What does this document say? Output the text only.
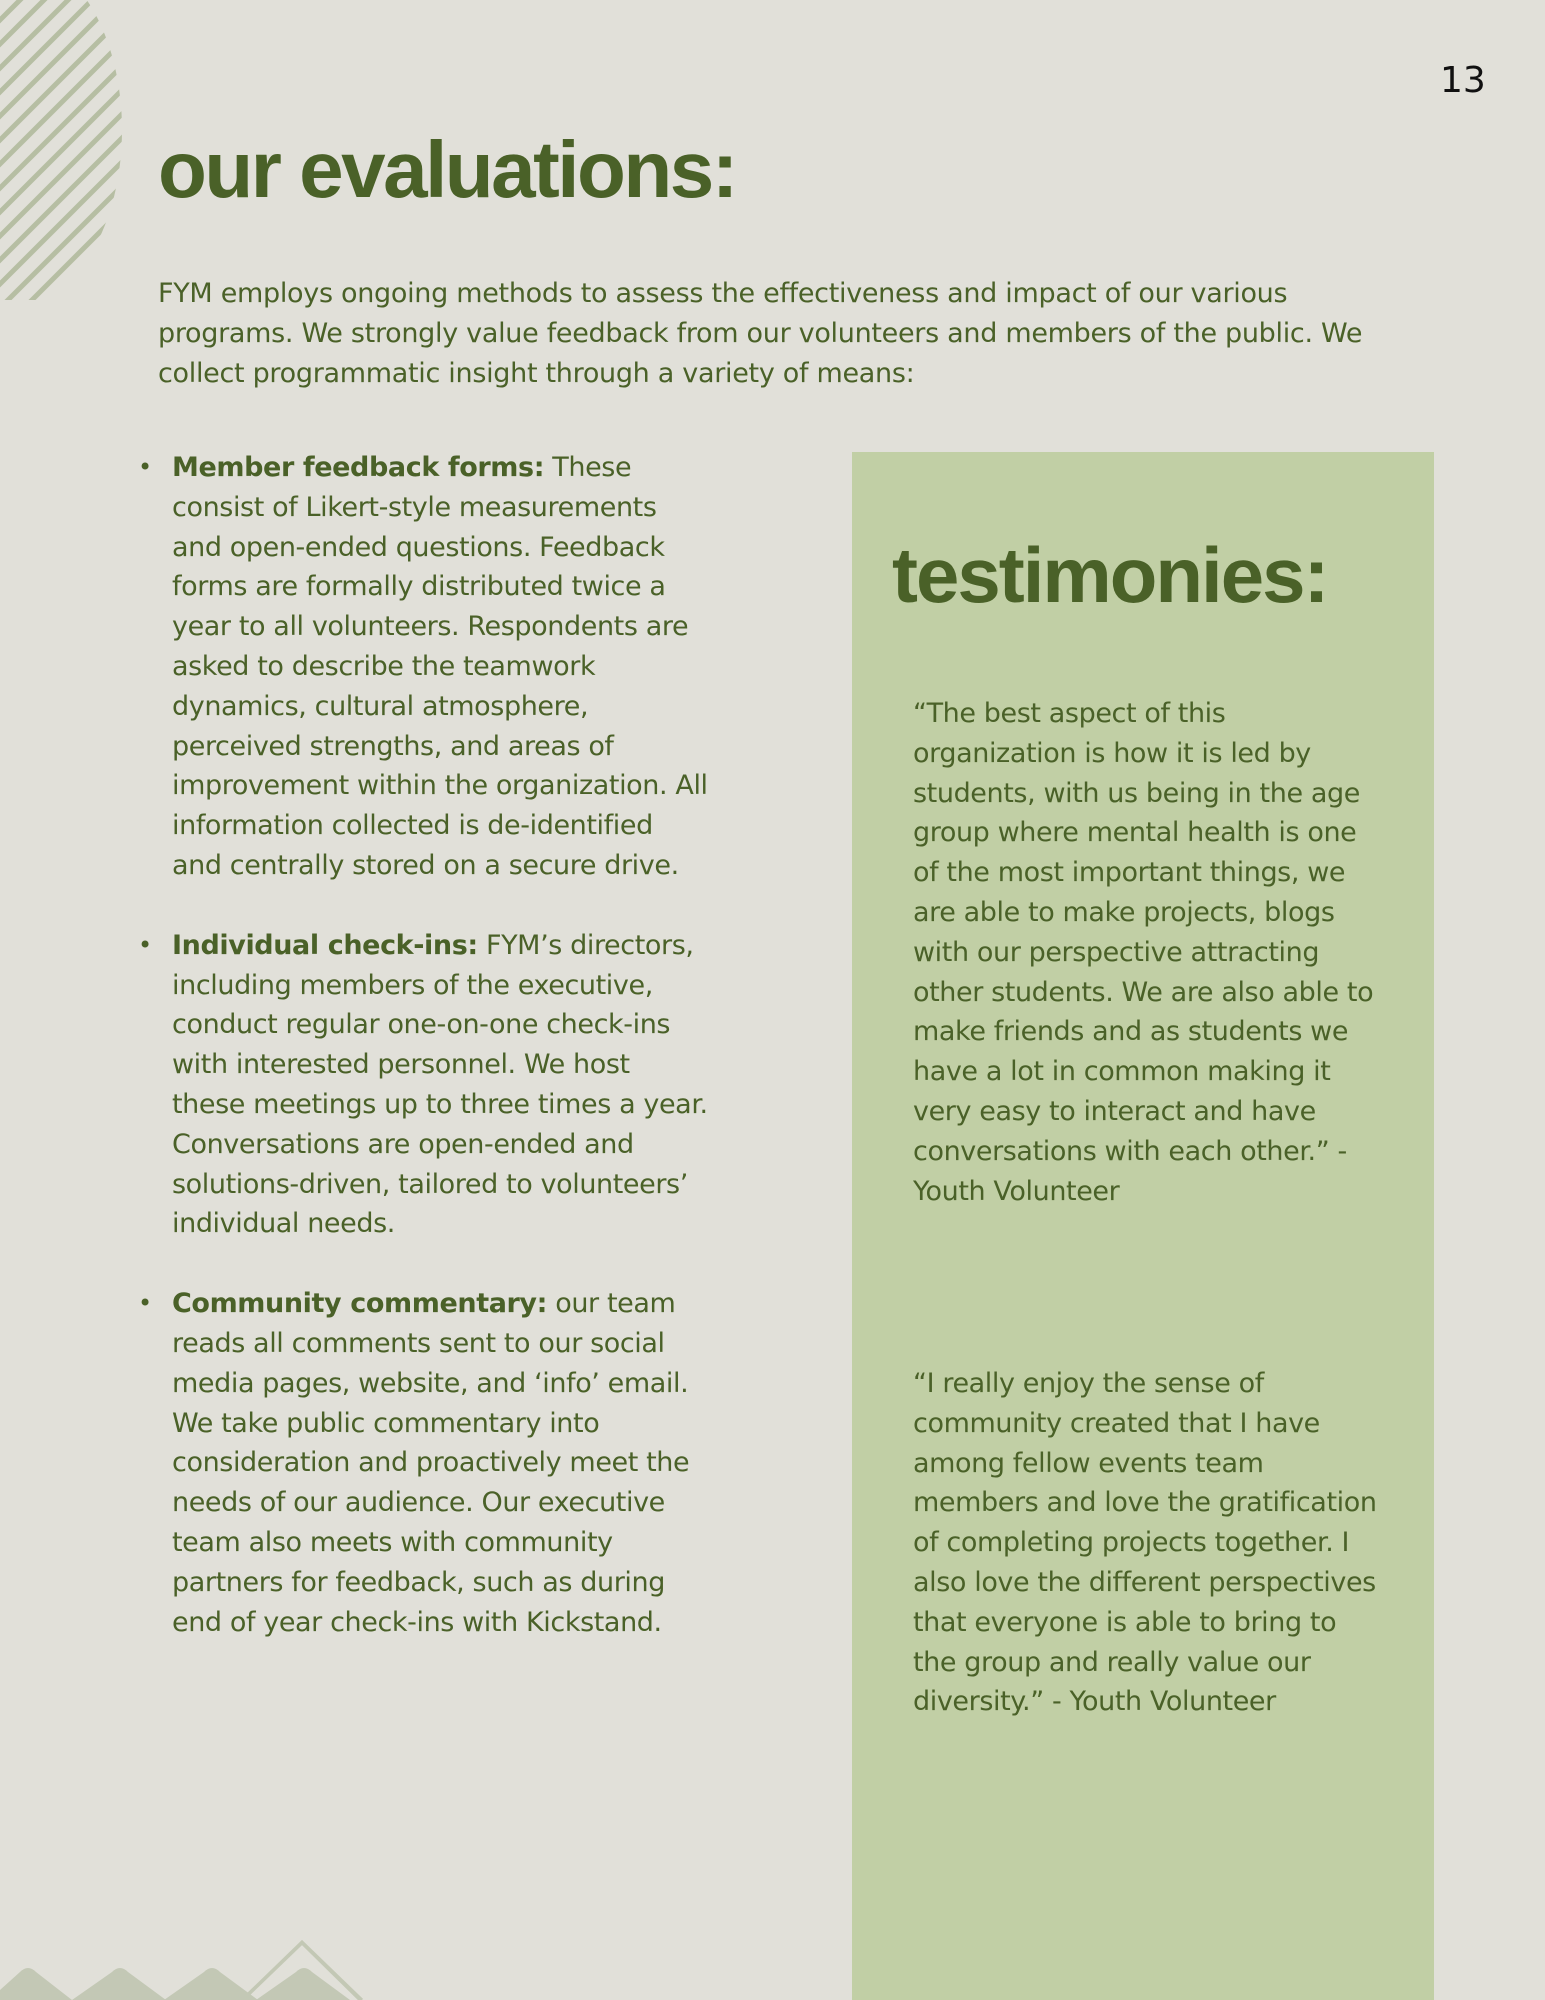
13
our evaluations:

FYM employs ongoing methods to assess the effectiveness and impact of our various programs. We strongly value feedback from our volunteers and members of the public. We collect programmatic insight through a variety of means:

• Member feedback forms: These consist of Likert-style measurements and open-ended questions. Feedback forms are formally distributed twice a year to all volunteers. Respondents are asked to describe the teamwork dynamics, cultural atmosphere, perceived strengths, and areas of improvement within the organization. All information collected is de-identified and centrally stored on a secure drive.
• Individual check-ins: FYM’s directors, including members of the executive, conduct regular one-on-one check-ins with interested personnel. We host these meetings up to three times a year. Conversations are open-ended and solutions-driven, tailored to volunteers’ individual needs.
• Community commentary: our team reads all comments sent to our social media pages, website, and ‘info’ email. We take public commentary into consideration and proactively meet the needs of our audience. Our executive team also meets with community partners for feedback, such as during end of year check-ins with Kickstand.
testimonies:

“The best aspect of this organization is how it is led by students, with us being in the age group where mental health is one of the most important things, we are able to make projects, blogs with our perspective attracting other students. We are also able to make friends and as students we have a lot in common making it very easy to interact and have conversations with each other.” - Youth Volunteer

“I really enjoy the sense of community created that I have among fellow events team members and love the gratification of completing projects together. I also love the different perspectives that everyone is able to bring to the group and really value our diversity.” - Youth Volunteer
